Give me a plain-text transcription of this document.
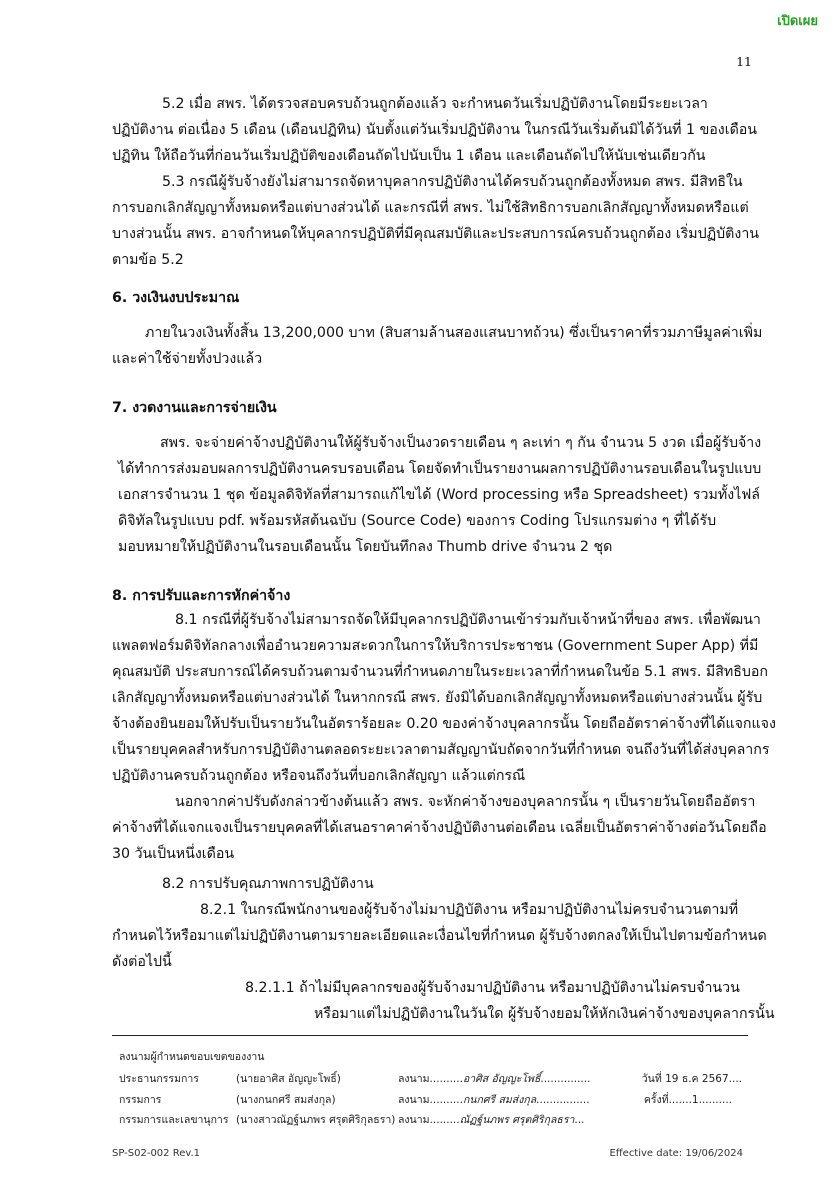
เปิดเผย
11
5.2 เมื่อ สพร. ได้ตรวจสอบครบถ้วนถูกต้องแล้ว จะกำหนดวันเริ่มปฏิบัติงานโดยมีระยะเวลา
ปฏิบัติงาน ต่อเนื่อง 5 เดือน (เดือนปฏิทิน) นับตั้งแต่วันเริ่มปฏิบัติงาน ในกรณีวันเริ่มต้นมิได้วันที่ 1 ของเดือน
ปฏิทิน ให้ถือวันที่ก่อนวันเริ่มปฏิบัติของเดือนถัดไปนับเป็น 1 เดือน และเดือนถัดไปให้นับเช่นเดียวกัน
5.3 กรณีผู้รับจ้างยังไม่สามารถจัดหาบุคลากรปฏิบัติงานได้ครบถ้วนถูกต้องทั้งหมด สพร. มีสิทธิใน
การบอกเลิกสัญญาทั้งหมดหรือแต่บางส่วนได้ และกรณีที่ สพร. ไม่ใช้สิทธิการบอกเลิกสัญญาทั้งหมดหรือแต่
บางส่วนนั้น สพร. อาจกำหนดให้บุคลากรปฏิบัติที่มีคุณสมบัติและประสบการณ์ครบถ้วนถูกต้อง เริ่มปฏิบัติงาน
ตามข้อ 5.2
6. วงเงินงบประมาณ
ภายในวงเงินทั้งสิ้น 13,200,000 บาท (สิบสามล้านสองแสนบาทถ้วน) ซึ่งเป็นราคาที่รวมภาษีมูลค่าเพิ่ม
และค่าใช้จ่ายทั้งปวงแล้ว
7. งวดงานและการจ่ายเงิน
สพร. จะจ่ายค่าจ้างปฏิบัติงานให้ผู้รับจ้างเป็นงวดรายเดือน ๆ ละเท่า ๆ กัน จำนวน 5 งวด เมื่อผู้รับจ้าง
ได้ทำการส่งมอบผลการปฏิบัติงานครบรอบเดือน โดยจัดทำเป็นรายงานผลการปฏิบัติงานรอบเดือนในรูปแบบ
เอกสารจำนวน 1 ชุด ข้อมูลดิจิทัลที่สามารถแก้ไขได้ (Word processing หรือ Spreadsheet) รวมทั้งไฟล์
ดิจิทัลในรูปแบบ pdf. พร้อมรหัสต้นฉบับ (Source Code) ของการ Coding โปรแกรมต่าง ๆ ที่ได้รับ
มอบหมายให้ปฏิบัติงานในรอบเดือนนั้น โดยบันทึกลง Thumb drive จำนวน 2 ชุด
8. การปรับและการหักค่าจ้าง
8.1 กรณีที่ผู้รับจ้างไม่สามารถจัดให้มีบุคลากรปฏิบัติงานเข้าร่วมกับเจ้าหน้าที่ของ สพร. เพื่อพัฒนา
แพลตฟอร์มดิจิทัลกลางเพื่ออำนวยความสะดวกในการให้บริการประชาชน (Government Super App) ที่มี
คุณสมบัติ ประสบการณ์ได้ครบถ้วนตามจำนวนที่กำหนดภายในระยะเวลาที่กำหนดในข้อ 5.1 สพร. มีสิทธิบอก
เลิกสัญญาทั้งหมดหรือแต่บางส่วนได้ ในหากกรณี สพร. ยังมิได้บอกเลิกสัญญาทั้งหมดหรือแต่บางส่วนนั้น ผู้รับ
จ้างต้องยินยอมให้ปรับเป็นรายวันในอัตราร้อยละ 0.20 ของค่าจ้างบุคลากรนั้น โดยถืออัตราค่าจ้างที่ได้แจกแจง
เป็นรายบุคคลสำหรับการปฏิบัติงานตลอดระยะเวลาตามสัญญานับถัดจากวันที่กำหนด จนถึงวันที่ได้ส่งบุคลากร
ปฏิบัติงานครบถ้วนถูกต้อง หรือจนถึงวันที่บอกเลิกสัญญา แล้วแต่กรณี
นอกจากค่าปรับดังกล่าวข้างต้นแล้ว สพร. จะหักค่าจ้างของบุคลากรนั้น ๆ เป็นรายวันโดยถืออัตรา
ค่าจ้างที่ได้แจกแจงเป็นรายบุคคลที่ได้เสนอราคาค่าจ้างปฏิบัติงานต่อเดือน เฉลี่ยเป็นอัตราค่าจ้างต่อวันโดยถือ
30 วันเป็นหนึ่งเดือน
8.2 การปรับคุณภาพการปฏิบัติงาน
8.2.1 ในกรณีพนักงานของผู้รับจ้างไม่มาปฏิบัติงาน หรือมาปฏิบัติงานไม่ครบจำนวนตามที่
กำหนดไว้หรือมาแต่ไม่ปฏิบัติงานตามรายละเอียดและเงื่อนไขที่กำหนด ผู้รับจ้างตกลงให้เป็นไปตามข้อกำหนด
ดังต่อไปนี้
8.2.1.1 ถ้าไม่มีบุคลากรของผู้รับจ้างมาปฏิบัติงาน หรือมาปฏิบัติงานไม่ครบจำนวน
หรือมาแต่ไม่ปฏิบัติงานในวันใด ผู้รับจ้างยอมให้หักเงินค่าจ้างของบุคลากรนั้น
ลงนามผู้กำหนดขอบเขตของงาน
ประธานกรรมการ	(นายอาศิส อัญญะโพธิ์)	ลงนาม..........อาศิส อัญญะโพธิ์...............	วันที่ 19 ธ.ค 2567....
กรรมการ	(นางกนกศรี สมส่งกุล)	ลงนาม..........กนกศรี สมส่งกุล................	ครั้งที่.......1..........
กรรมการและเลขานุการ (นางสาวณัฏฐ์นภพร ศรุตศิริกุลธรา) ลงนาม.........ณัฏฐ์นภพร ศรุตศิริกุลธรา...
SP-S02-002 Rev.1	Effective date: 19/06/2024
